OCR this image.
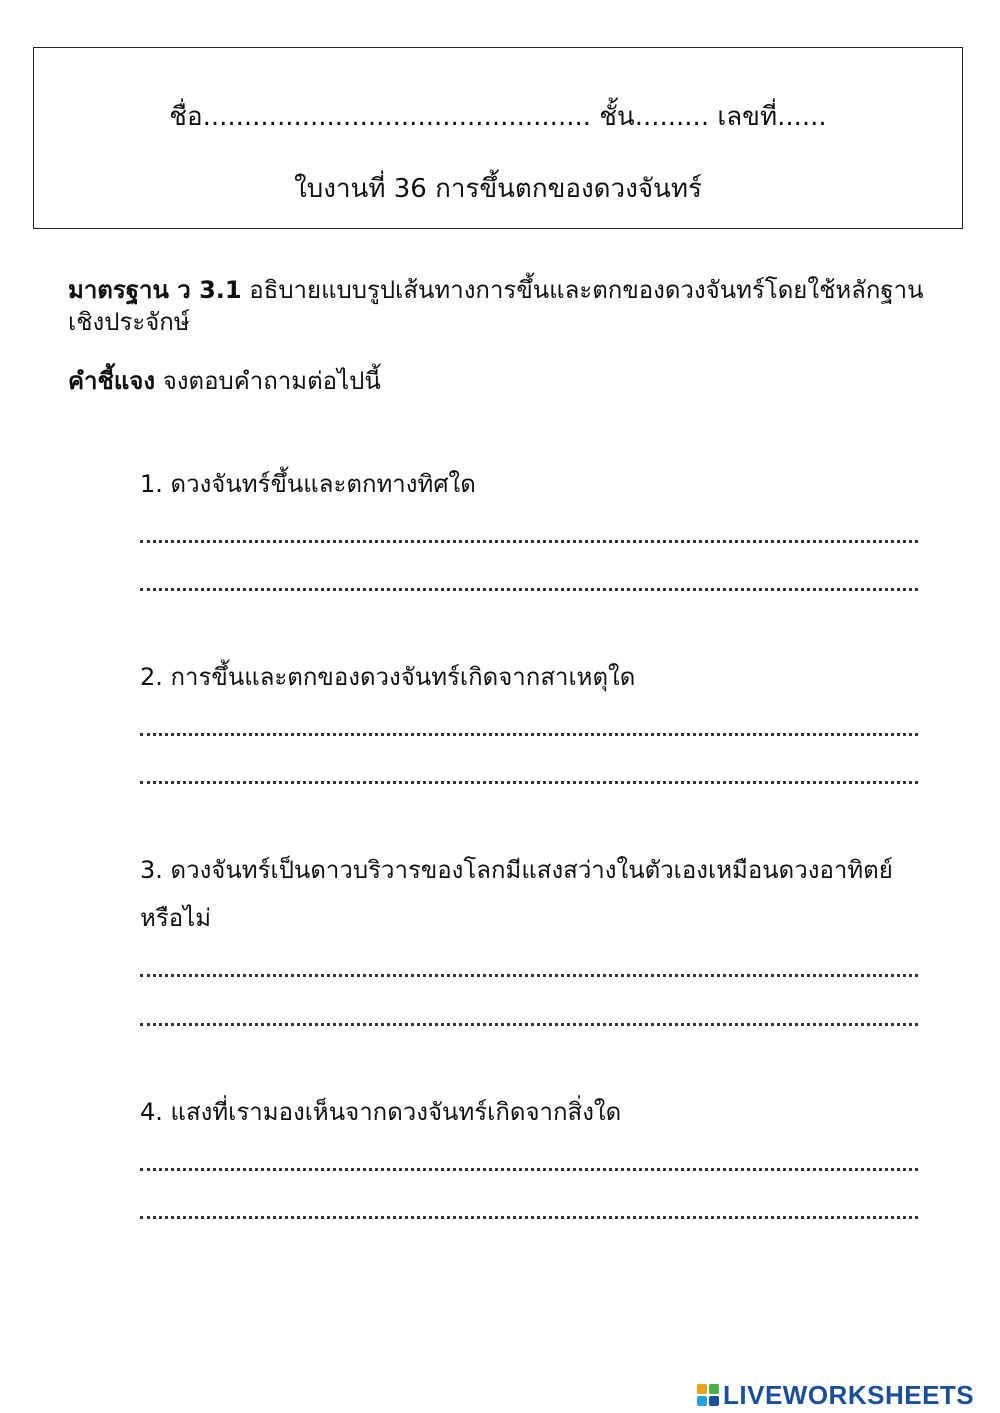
ชื่อ............................................... ชั้น......... เลขที่......
ใบงานที่ 36 การขึ้นตกของดวงจันทร์
มาตรฐาน ว 3.1 อธิบายแบบรูปเส้นทางการขึ้นและตกของดวงจันทร์โดยใช้หลักฐานเชิงประจักษ์
คำชี้แจง จงตอบคำถามต่อไปนี้
1. ดวงจันทร์ขึ้นและตกทางทิศใด
2. การขึ้นและตกของดวงจันทร์เกิดจากสาเหตุใด
3. ดวงจันทร์เป็นดาวบริวารของโลกมีแสงสว่างในตัวเองเหมือนดวงอาทิตย์หรือไม่
4. แสงที่เรามองเห็นจากดวงจันทร์เกิดจากสิ่งใด
LIVEWORKSHEETS
